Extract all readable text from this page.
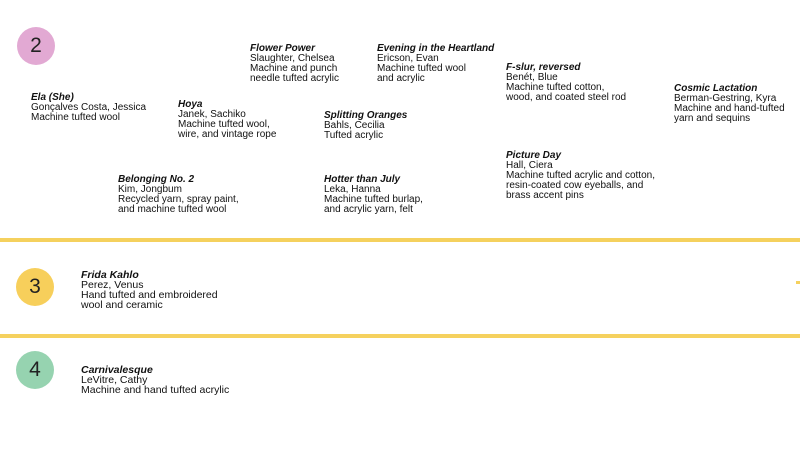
2
Ela (She)
Gonçalves Costa, Jessica
Machine tufted wool
Flower Power
Slaughter, Chelsea
Machine and punch
needle tufted acrylic
Hoya
Janek, Sachiko
Machine tufted wool,
wire, and vintage rope
Belonging No. 2
Kim, Jongbum
Recycled yarn, spray paint,
and machine tufted wool
Evening in the Heartland
Ericson, Evan
Machine tufted wool
and acrylic
Splitting Oranges
Bahls, Cecilia
Tufted acrylic
Hotter than July
Leka, Hanna
Machine tufted burlap,
and acrylic yarn, felt
F-slur, reversed
Benét, Blue
Machine tufted cotton,
wood, and coated steel rod
Picture Day
Hall, Ciera
Machine tufted acrylic and cotton,
resin-coated cow eyeballs, and
brass accent pins
Cosmic Lactation
Berman-Gestring, Kyra
Machine and hand-tufted
yarn and sequins
3	Frida Kahlo
Perez, Venus
Hand tufted and embroidered
wool and ceramic
4	Carnivalesque
LeVitre, Cathy
Machine and hand tufted acrylic
